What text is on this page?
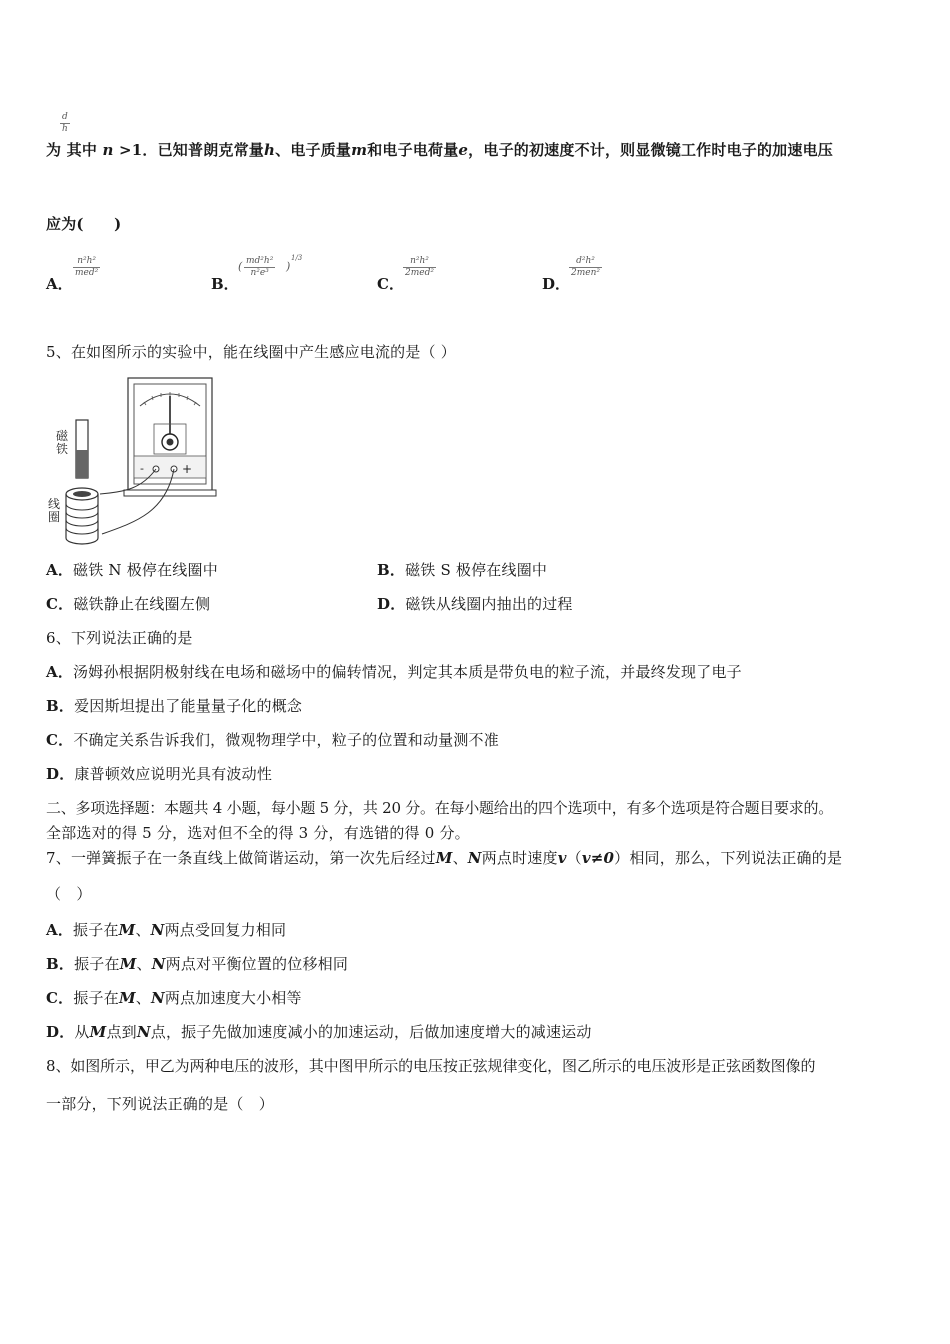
$\frac{d}{h}$
为 其中 n >1．已知普朗克常量h、电子质量m和电子电荷量e，电子的初速度不计，则显微镜工作时电子的加速电压
应为(　　)
A．
n²h²
med²
B．
( $\frac{\text{md²h²}}{\text{n²e³}}$ )
1/3
C．
n²h²
2med²
D．
d²h²
2men²
5、在如图所示的实验中，能在线圈中产生感应电流的是（ ）
-	+
磁铁
线圈
A．磁铁 N 极停在线圈中	B．磁铁 S 极停在线圈中
C．磁铁静止在线圈左侧	D．磁铁从线圈内抽出的过程
6、下列说法正确的是
A．汤姆孙根据阴极射线在电场和磁场中的偏转情况，判定其本质是带负电的粒子流，并最终发现了电子
B．爱因斯坦提出了能量量子化的概念
C．不确定关系告诉我们，微观物理学中，粒子的位置和动量测不准
D．康普顿效应说明光具有波动性
二、多项选择题：本题共 4 小题，每小题 5 分，共 20 分。在每小题给出的四个选项中，有多个选项是符合题目要求的。
全部选对的得 5 分，选对但不全的得 3 分，有选错的得 0 分。
7、一弹簧振子在一条直线上做简谐运动，第一次先后经过M、N两点时速度v（v≠0）相同，那么，下列说法正确的是
（　）
A．振子在M、N两点受回复力相同
B．振子在M、N两点对平衡位置的位移相同
C．振子在M、N两点加速度大小相等
D．从M点到N点，振子先做加速度减小的加速运动，后做加速度增大的减速运动
8、如图所示，甲乙为两种电压的波形，其中图甲所示的电压按正弦规律变化，图乙所示的电压波形是正弦函数图像的
一部分，下列说法正确的是（　）
